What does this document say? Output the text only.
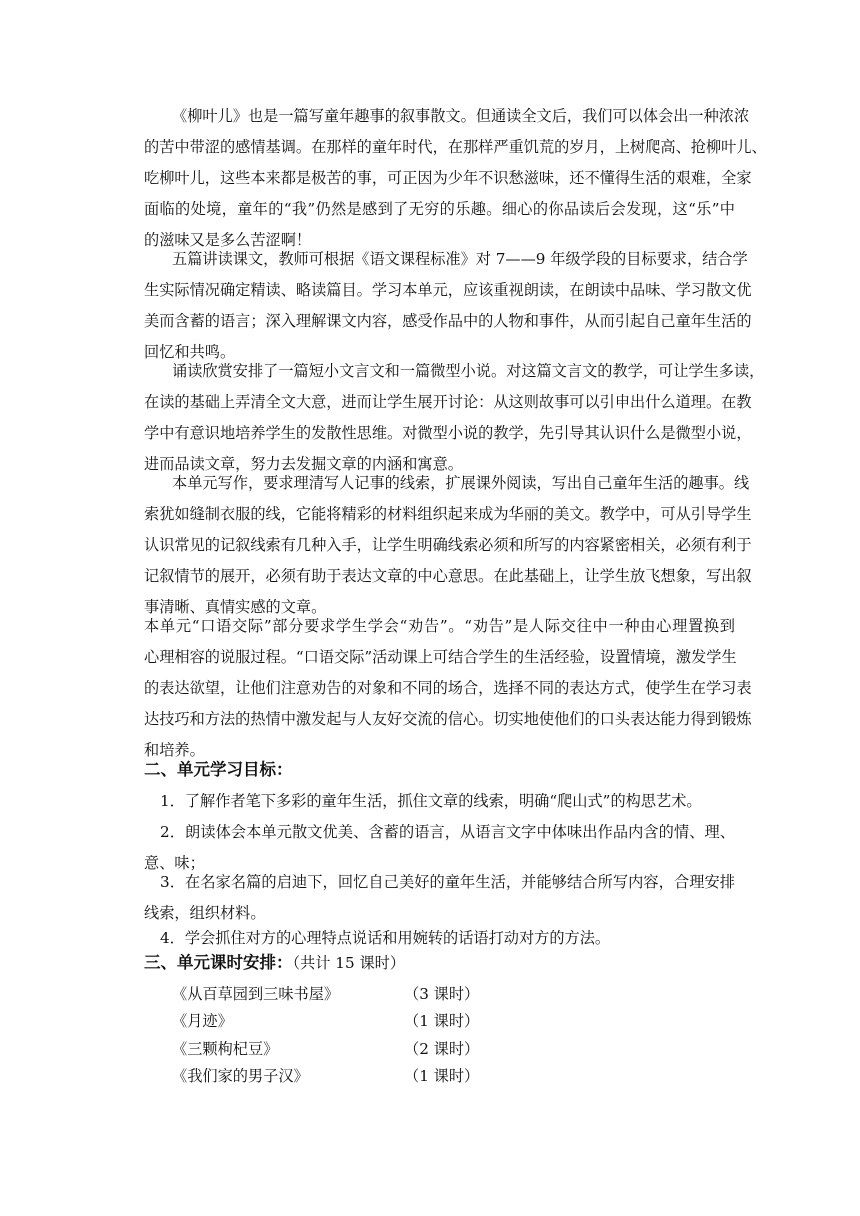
《柳叶儿》也是一篇写童年趣事的叙事散文。但通读全文后，我们可以体会出一种浓浓
的苦中带涩的感情基调。在那样的童年时代，在那样严重饥荒的岁月，上树爬高、抢柳叶儿、
吃柳叶儿，这些本来都是极苦的事，可正因为少年不识愁滋味，还不懂得生活的艰难，全家
面临的处境，童年的“我”仍然是感到了无穷的乐趣。细心的你品读后会发现，这“乐”中
的滋味又是多么苦涩啊！
五篇讲读课文，教师可根据《语文课程标准》对 7——9 年级学段的目标要求，结合学
生实际情况确定精读、略读篇目。学习本单元，应该重视朗读，在朗读中品味、学习散文优
美而含蓄的语言；深入理解课文内容，感受作品中的人物和事件，从而引起自己童年生活的
回忆和共鸣。
诵读欣赏安排了一篇短小文言文和一篇微型小说。对这篇文言文的教学，可让学生多读，
在读的基础上弄清全文大意，进而让学生展开讨论：从这则故事可以引申出什么道理。在教
学中有意识地培养学生的发散性思维。对微型小说的教学，先引导其认识什么是微型小说，
进而品读文章，努力去发掘文章的内涵和寓意。
本单元写作，要求理清写人记事的线索，扩展课外阅读，写出自己童年生活的趣事。线
索犹如缝制衣服的线，它能将精彩的材料组织起来成为华丽的美文。教学中，可从引导学生
认识常见的记叙线索有几种入手，让学生明确线索必须和所写的内容紧密相关，必须有利于
记叙情节的展开，必须有助于表达文章的中心意思。在此基础上，让学生放飞想象，写出叙
事清晰、真情实感的文章。
本单元“口语交际”部分要求学生学会“劝告”。“劝告”是人际交往中一种由心理置换到
心理相容的说服过程。“口语交际”活动课上可结合学生的生活经验，设置情境，激发学生
的表达欲望，让他们注意劝告的对象和不同的场合，选择不同的表达方式，使学生在学习表
达技巧和方法的热情中激发起与人友好交流的信心。切实地使他们的口头表达能力得到锻炼
和培养。
二、单元学习目标：
1．了解作者笔下多彩的童年生活，抓住文章的线索，明确“爬山式”的构思艺术。
2．朗读体会本单元散文优美、含蓄的语言，从语言文字中体味出作品内含的情、理、
意、味；
3．在名家名篇的启迪下，回忆自己美好的童年生活，并能够结合所写内容，合理安排
线索，组织材料。
4．学会抓住对方的心理特点说话和用婉转的话语打动对方的方法。
三、单元课时安排：（共计 15 课时）
《从百草园到三味书屋》	（3 课时）
《月迹》	（1 课时）
《三颗枸杞豆》	（2 课时）
《我们家的男子汉》	（1 课时）
